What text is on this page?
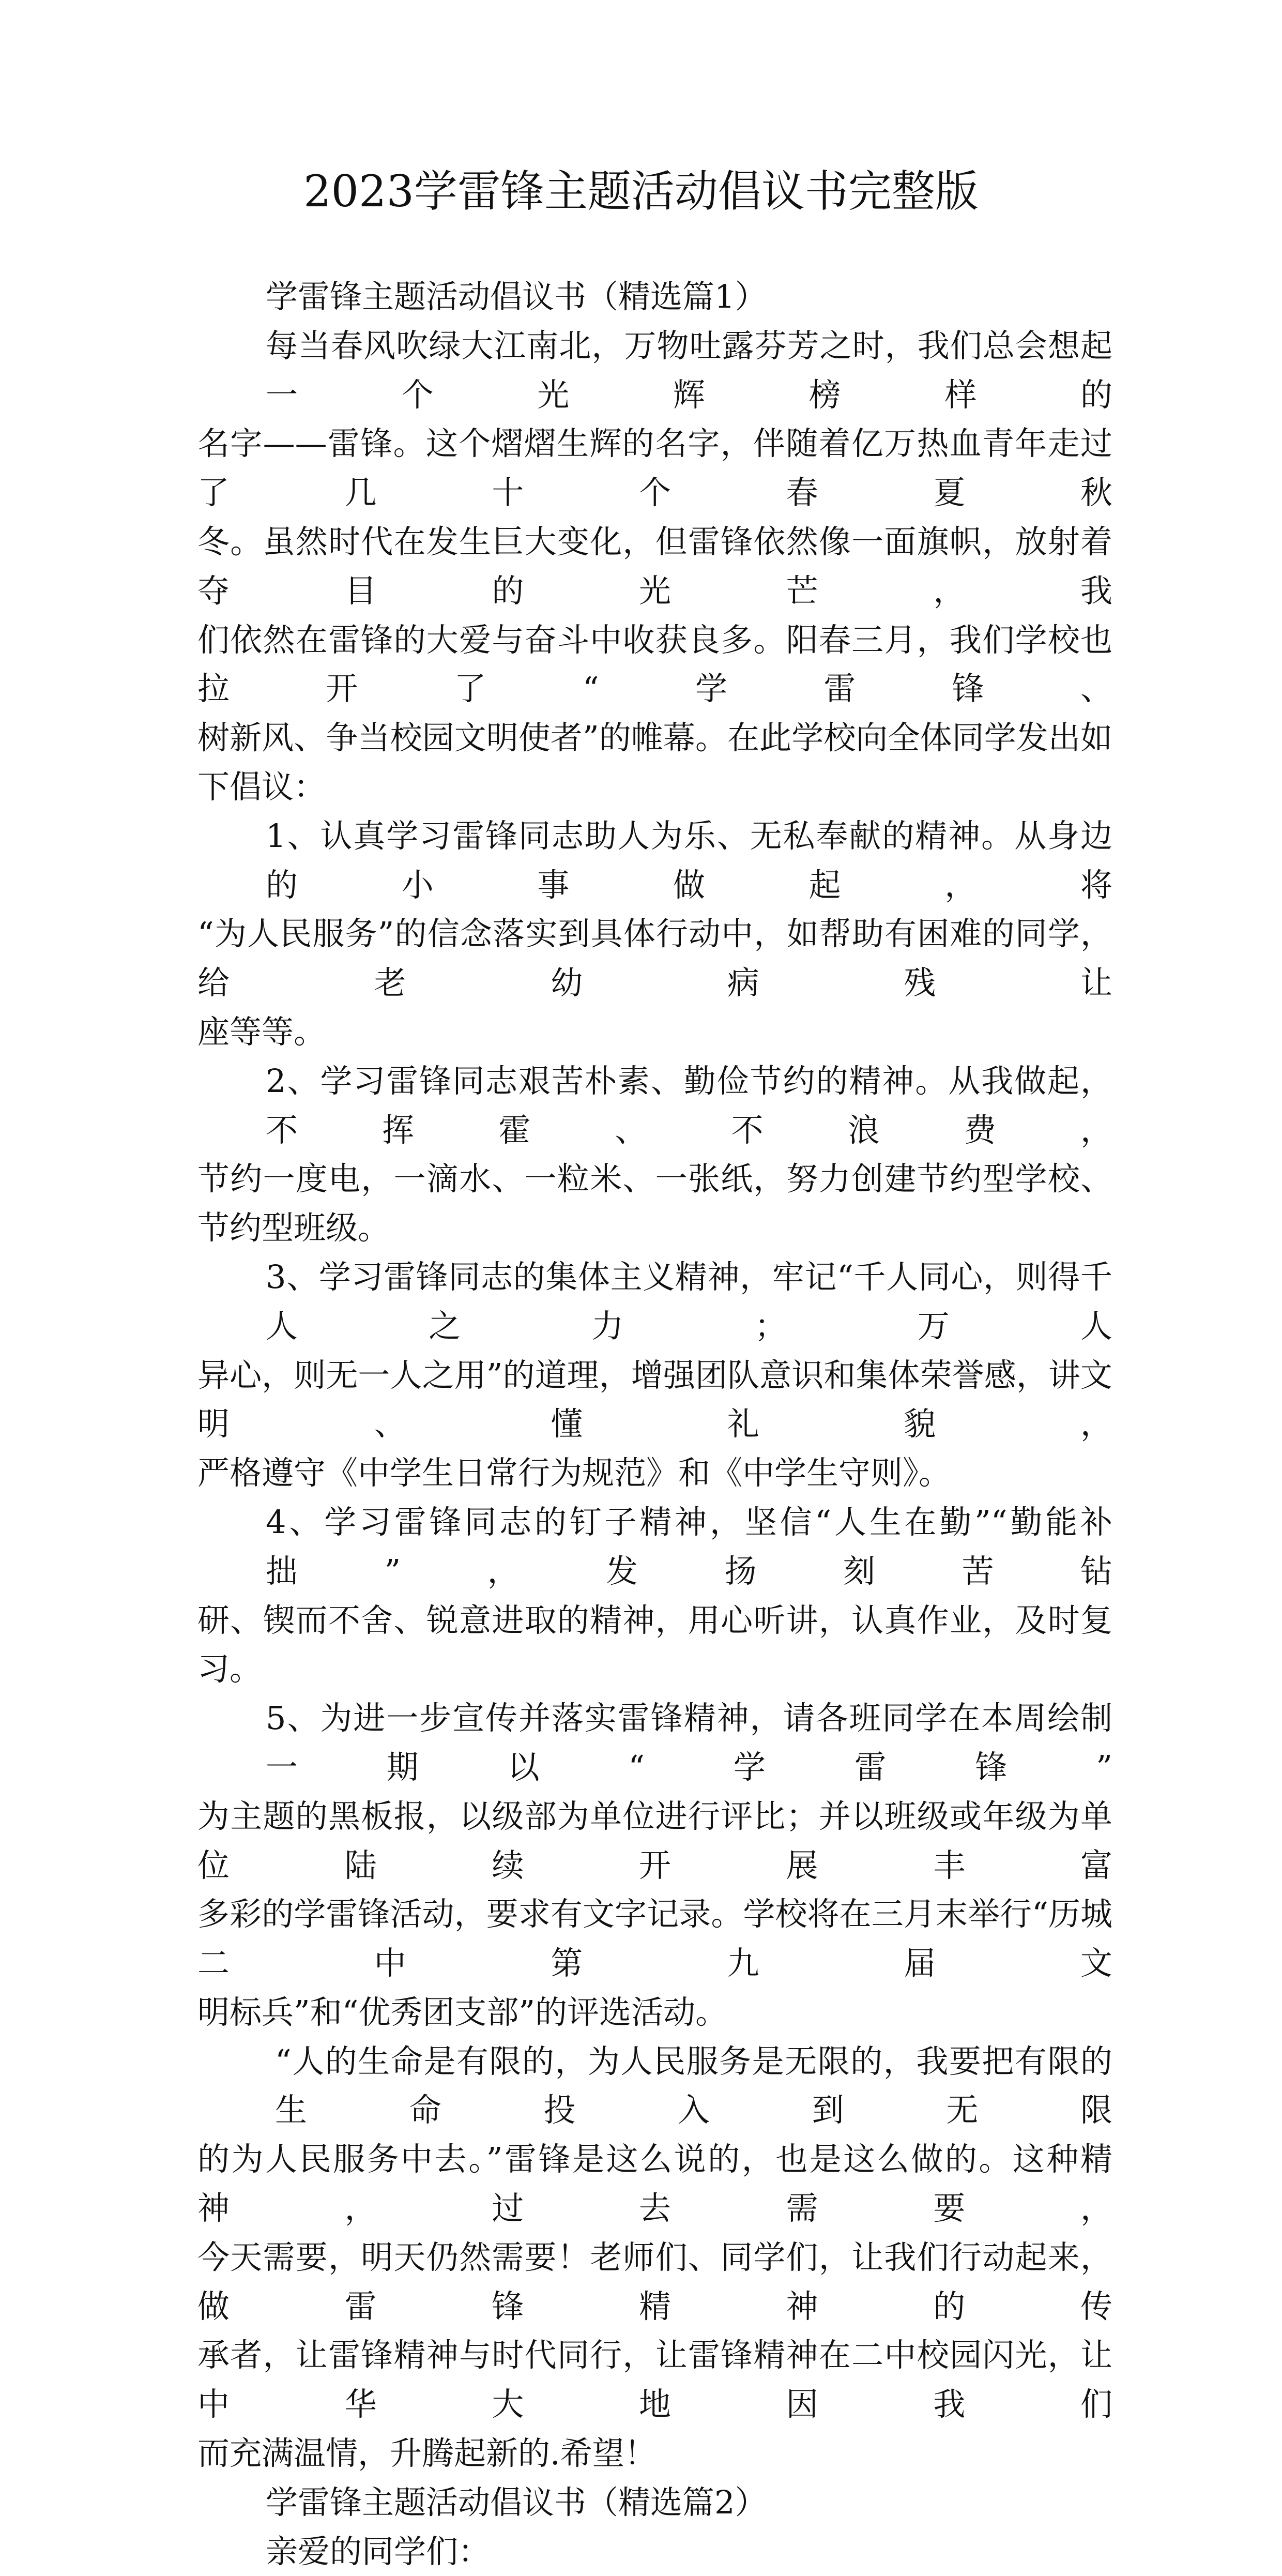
2023学雷锋主题活动倡议书完整版
学雷锋主题活动倡议书（精选篇1）
每当春风吹绿大江南北，万物吐露芬芳之时，我们总会想起一个光辉榜样的
名字——雷锋。这个熠熠生辉的名字，伴随着亿万热血青年走过了几十个春夏秋
冬。虽然时代在发生巨大变化，但雷锋依然像一面旗帜，放射着夺目的光芒，我
们依然在雷锋的大爱与奋斗中收获良多。阳春三月，我们学校也拉开了“学雷锋、
树新风、争当校园文明使者”的帷幕。在此学校向全体同学发出如下倡议：
1、认真学习雷锋同志助人为乐、无私奉献的精神。从身边的小事做起，将
“为人民服务”的信念落实到具体行动中，如帮助有困难的同学，给老幼病残让
座等等。
2、学习雷锋同志艰苦朴素、勤俭节约的精神。从我做起，不挥霍、不浪费，
节约一度电，一滴水、一粒米、一张纸，努力创建节约型学校、节约型班级。
3、学习雷锋同志的集体主义精神，牢记“千人同心，则得千人之力；万人
异心，则无一人之用”的道理，增强团队意识和集体荣誉感，讲文明、懂礼貌，
严格遵守《中学生日常行为规范》和《中学生守则》。
4、学习雷锋同志的钉子精神，坚信“人生在勤”“勤能补拙”，发扬刻苦钻
研、锲而不舍、锐意进取的精神，用心听讲，认真作业，及时复习。
5、为进一步宣传并落实雷锋精神，请各班同学在本周绘制一期以“学雷锋”
为主题的黑板报，以级部为单位进行评比；并以班级或年级为单位陆续开展丰富
多彩的学雷锋活动，要求有文字记录。学校将在三月末举行“历城二中第九届文
明标兵”和“优秀团支部”的评选活动。
“人的生命是有限的，为人民服务是无限的，我要把有限的生命投入到无限
的为人民服务中去。”雷锋是这么说的，也是这么做的。这种精神，过去需要，
今天需要，明天仍然需要！老师们、同学们，让我们行动起来，做雷锋精神的传
承者，让雷锋精神与时代同行，让雷锋精神在二中校园闪光，让中华大地因我们
而充满温情，升腾起新的.希望！
学雷锋主题活动倡议书（精选篇2）
亲爱的同学们：
